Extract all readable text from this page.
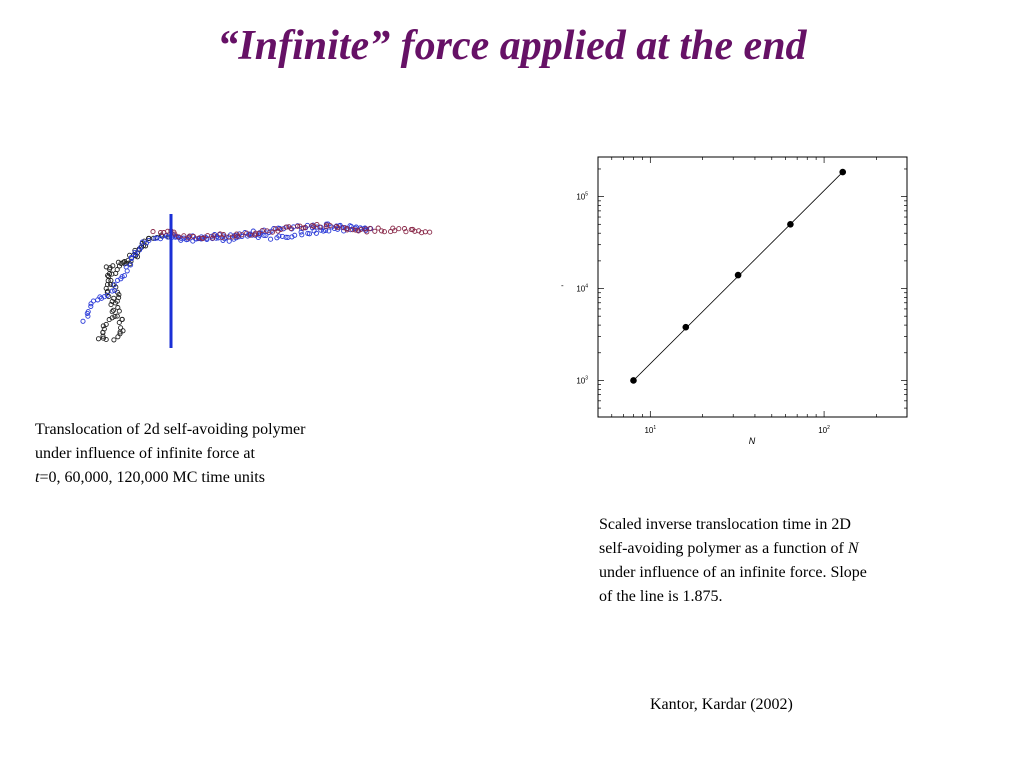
“Infinite” force applied at the end
Translocation of 2d self-avoiding polymer
under influence of infinite force at
t=0, 60,000, 120,000 MC time units
$10^1$	$10^2$
$10^3$
$10^4$
$10^5$
N
-
Scaled inverse translocation time in 2D
self-avoiding polymer as a function of N
under influence of an infinite force. Slope
of the line is 1.875.
Kantor, Kardar (2002)
